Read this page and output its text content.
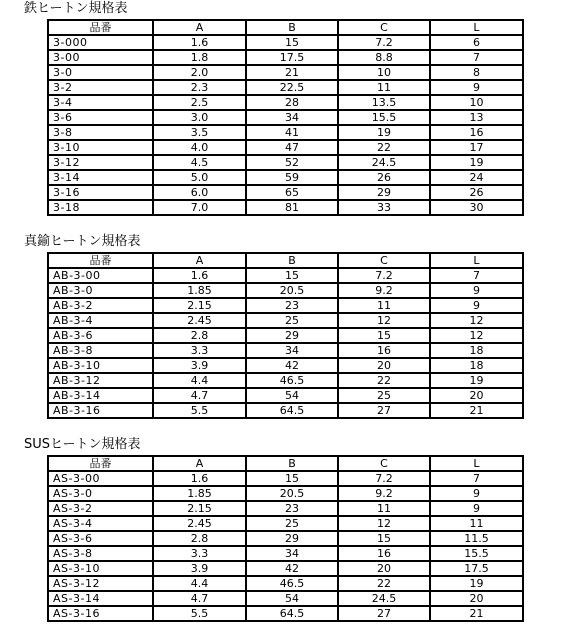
鉄ヒートン規格表
品番	A	B	C	L
3-000	1.6	15	7.2	6
3-00	1.8	17.5	8.8	7
3-0	2.0	21	10	8
3-2	2.3	22.5	11	9
3-4	2.5	28	13.5	10
3-6	3.0	34	15.5	13
3-8	3.5	41	19	16
3-10	4.0	47	22	17
3-12	4.5	52	24.5	19
3-14	5.0	59	26	24
3-16	6.0	65	29	26
3-18	7.0	81	33	30
真鍮ヒートン規格表
品番	A	B	C	L
AB-3-00	1.6	15	7.2	7
AB-3-0	1.85	20.5	9.2	9
AB-3-2	2.15	23	11	9
AB-3-4	2.45	25	12	12
AB-3-6	2.8	29	15	12
AB-3-8	3.3	34	16	18
AB-3-10	3.9	42	20	18
AB-3-12	4.4	46.5	22	19
AB-3-14	4.7	54	25	20
AB-3-16	5.5	64.5	27	21
SUSヒートン規格表
品番	A	B	C	L
AS-3-00	1.6	15	7.2	7
AS-3-0	1.85	20.5	9.2	9
AS-3-2	2.15	23	11	9
AS-3-4	2.45	25	12	11
AS-3-6	2.8	29	15	11.5
AS-3-8	3.3	34	16	15.5
AS-3-10	3.9	42	20	17.5
AS-3-12	4.4	46.5	22	19
AS-3-14	4.7	54	24.5	20
AS-3-16	5.5	64.5	27	21
